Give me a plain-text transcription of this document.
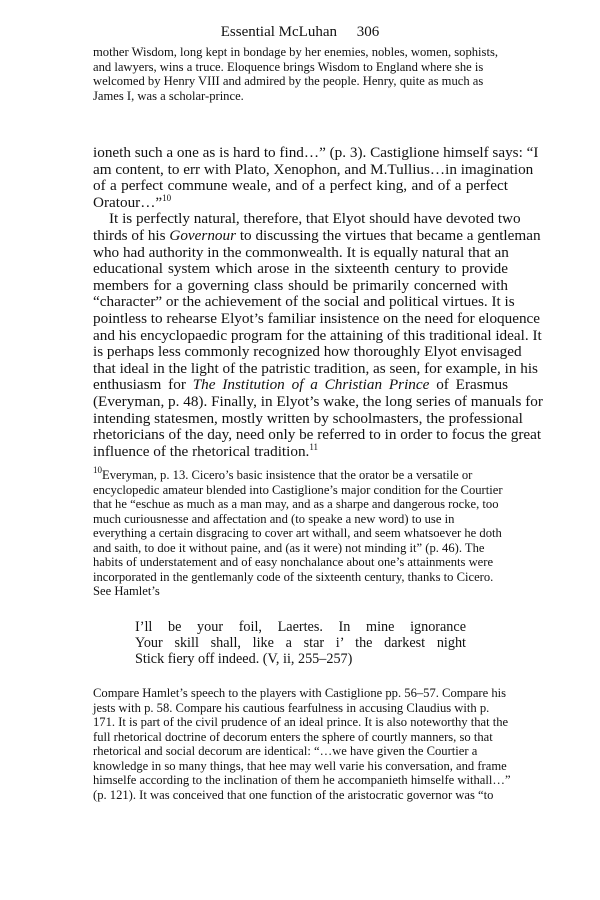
Essential McLuhan 306
mother Wisdom, long kept in bondage by her enemies, nobles, women, sophists,
and lawyers, wins a truce. Eloquence brings Wisdom to England where she is
welcomed by Henry VIII and admired by the people. Henry, quite as much as
James I, was a scholar-prince.
ioneth such a one as is hard to find…” (p. 3). Castiglione himself says: “I
am content, to err with Plato, Xenophon, and M.Tullius…in imagination
of a perfect commune weale, and of a perfect king, and of a perfect
Oratour…”$^{10}$
It is perfectly natural, therefore, that Elyot should have devoted two
thirds of his Governour to discussing the virtues that became a gentleman
who had authority in the commonwealth. It is equally natural that an
educational system which arose in the sixteenth century to provide
members for a governing class should be primarily concerned with
“character” or the achievement of the social and political virtues. It is
pointless to rehearse Elyot’s familiar insistence on the need for eloquence
and his encyclopaedic program for the attaining of this traditional ideal. It
is perhaps less commonly recognized how thoroughly Elyot envisaged
that ideal in the light of the patristic tradition, as seen, for example, in his
enthusiasm for The Institution of a Christian Prince of Erasmus
(Everyman, p. 48). Finally, in Elyot’s wake, the long series of manuals for
intending statesmen, mostly written by schoolmasters, the professional
rhetoricians of the day, need only be referred to in order to focus the great
influence of the rhetorical tradition.$^{11}$
$^{10}$Everyman, p. 13. Cicero’s basic insistence that the orator be a versatile or
encyclopedic amateur blended into Castiglione’s major condition for the Courtier
that he “eschue as much as a man may, and as a sharpe and dangerous rocke, too
much curiousnesse and affectation and (to speake a new word) to use in
everything a certain disgracing to cover art withall, and seem whatsoever he doth
and saith, to doe it without paine, and (as it were) not minding it” (p. 46). The
habits of understatement and of easy nonchalance about one’s attainments were
incorporated in the gentlemanly code of the sixteenth century, thanks to Cicero.
See Hamlet’s
I’ll be your foil, Laertes. In mine ignorance
Your skill shall, like a star i’ the darkest night
Stick fiery off indeed. (V, ii, 255–257)
Compare Hamlet’s speech to the players with Castiglione pp. 56–57. Compare his
jests with p. 58. Compare his cautious fearfulness in accusing Claudius with p.
171. It is part of the civil prudence of an ideal prince. It is also noteworthy that the
full rhetorical doctrine of decorum enters the sphere of courtly manners, so that
rhetorical and social decorum are identical: “…we have given the Courtier a
knowledge in so many things, that hee may well varie his conversation, and frame
himselfe according to the inclination of them he accompanieth himselfe withall…”
(p. 121). It was conceived that one function of the aristocratic governor was “to
